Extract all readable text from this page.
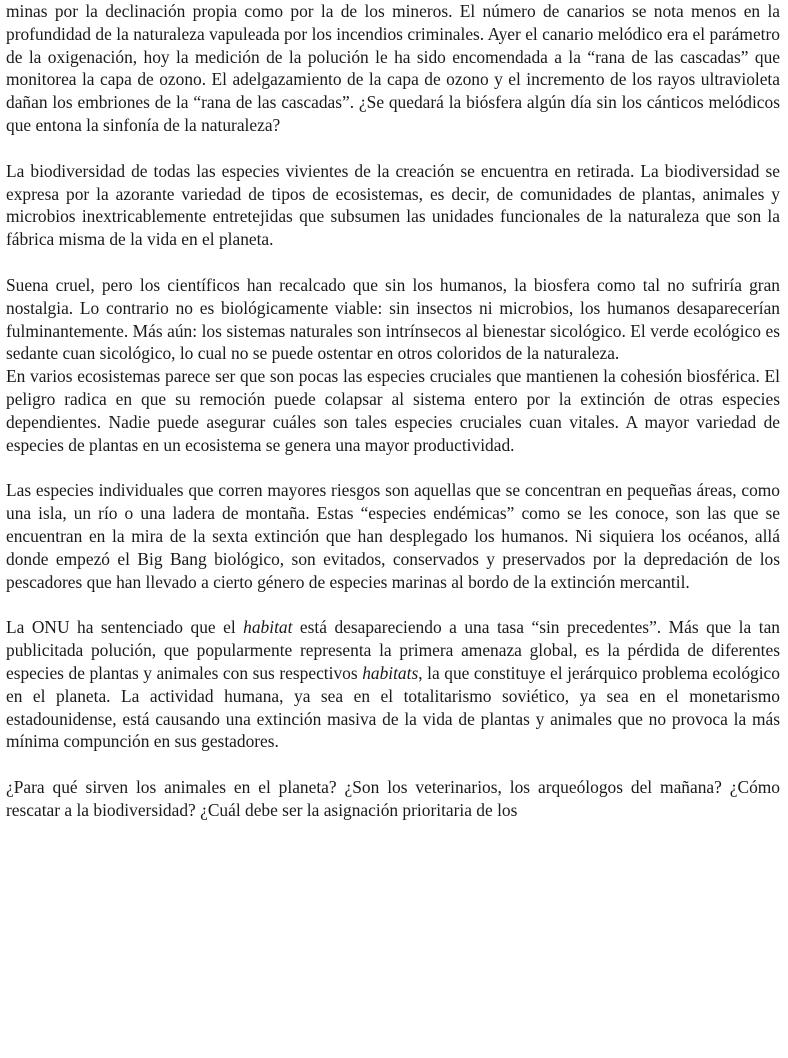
minas por la declinación propia como por la de los mineros. El número de canarios se nota menos en la profundidad de la naturaleza vapuleada por los incendios criminales. Ayer el canario melódico era el parámetro de la oxigenación, hoy la medición de la polución le ha sido encomendada a la “rana de las cascadas” que monitorea la capa de ozono. El adelgazamiento de la capa de ozono y el incremento de los rayos ultravioleta dañan los embriones de la “rana de las cascadas”. ¿Se quedará la biósfera algún día sin los cánticos melódicos que entona la sinfonía de la naturaleza?

La biodiversidad de todas las especies vivientes de la creación se encuentra en retirada. La biodiversidad se expresa por la azorante variedad de tipos de ecosistemas, es decir, de comunidades de plantas, animales y microbios inextricablemente entretejidas que subsumen las unidades funcionales de la naturaleza que son la fábrica misma de la vida en el planeta.

Suena cruel, pero los científicos han recalcado que sin los humanos, la biosfera como tal no sufriría gran nostalgia. Lo contrario no es biológicamente viable: sin insectos ni microbios, los humanos desaparecerían fulminantemente. Más aún: los sistemas naturales son intrínsecos al bienestar sicológico. El verde ecológico es sedante cuan sicológico, lo cual no se puede ostentar en otros coloridos de la naturaleza.

En varios ecosistemas parece ser que son pocas las especies cruciales que mantienen la cohesión biosférica. El peligro radica en que su remoción puede colapsar al sistema entero por la extinción de otras especies dependientes. Nadie puede asegurar cuáles son tales especies cruciales cuan vitales. A mayor variedad de especies de plantas en un ecosistema se genera una mayor productividad.

Las especies individuales que corren mayores riesgos son aquellas que se concentran en pequeñas áreas, como una isla, un río o una ladera de montaña. Estas “especies endémicas” como se les conoce, son las que se encuentran en la mira de la sexta extinción que han desplegado los humanos. Ni siquiera los océanos, allá donde empezó el Big Bang biológico, son evitados, conservados y preservados por la depredación de los pescadores que han llevado a cierto género de especies marinas al bordo de la extinción mercantil.

La ONU ha sentenciado que el habitat está desapareciendo a una tasa “sin precedentes”. Más que la tan publicitada polución, que popularmente representa la primera amenaza global, es la pérdida de diferentes especies de plantas y animales con sus respectivos habitats, la que constituye el jerárquico problema ecológico en el planeta. La actividad humana, ya sea en el totalitarismo soviético, ya sea en el monetarismo estadounidense, está causando una extinción masiva de la vida de plantas y animales que no provoca la más mínima compunción en sus gestadores.

¿Para qué sirven los animales en el planeta? ¿Son los veterinarios, los arqueólogos del mañana? ¿Cómo rescatar a la biodiversidad? ¿Cuál debe ser la asignación prioritaria de los
